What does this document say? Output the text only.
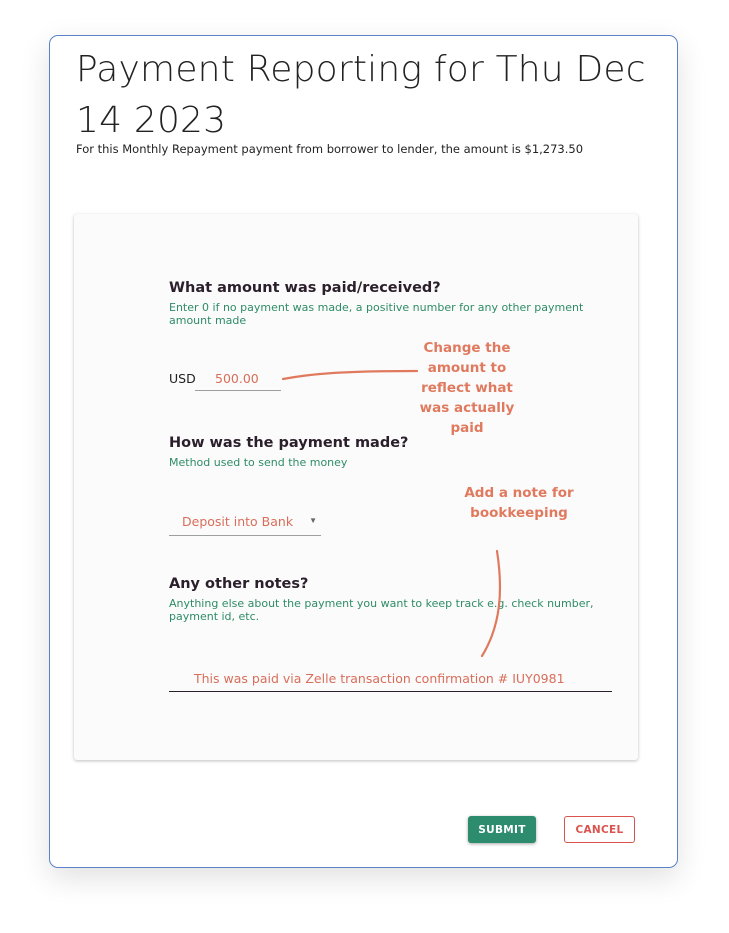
Payment Reporting for Thu Dec 14 2023

For this Monthly Repayment payment from borrower to lender, the amount is $1,273.50

What amount was paid/received?

Enter 0 if no payment was made, a positive number for any other payment amount made

USD
500.00

How was the payment made?

Method used to send the money

Deposit into Bank ▼

Any other notes?

Anything else about the payment you want to keep track e.g. check number, payment id, etc.

This was paid via Zelle transaction confirmation # IUY0981
SUBMIT	CANCEL
Change the amount to reflect what was actually paid
Add a note for bookkeeping
